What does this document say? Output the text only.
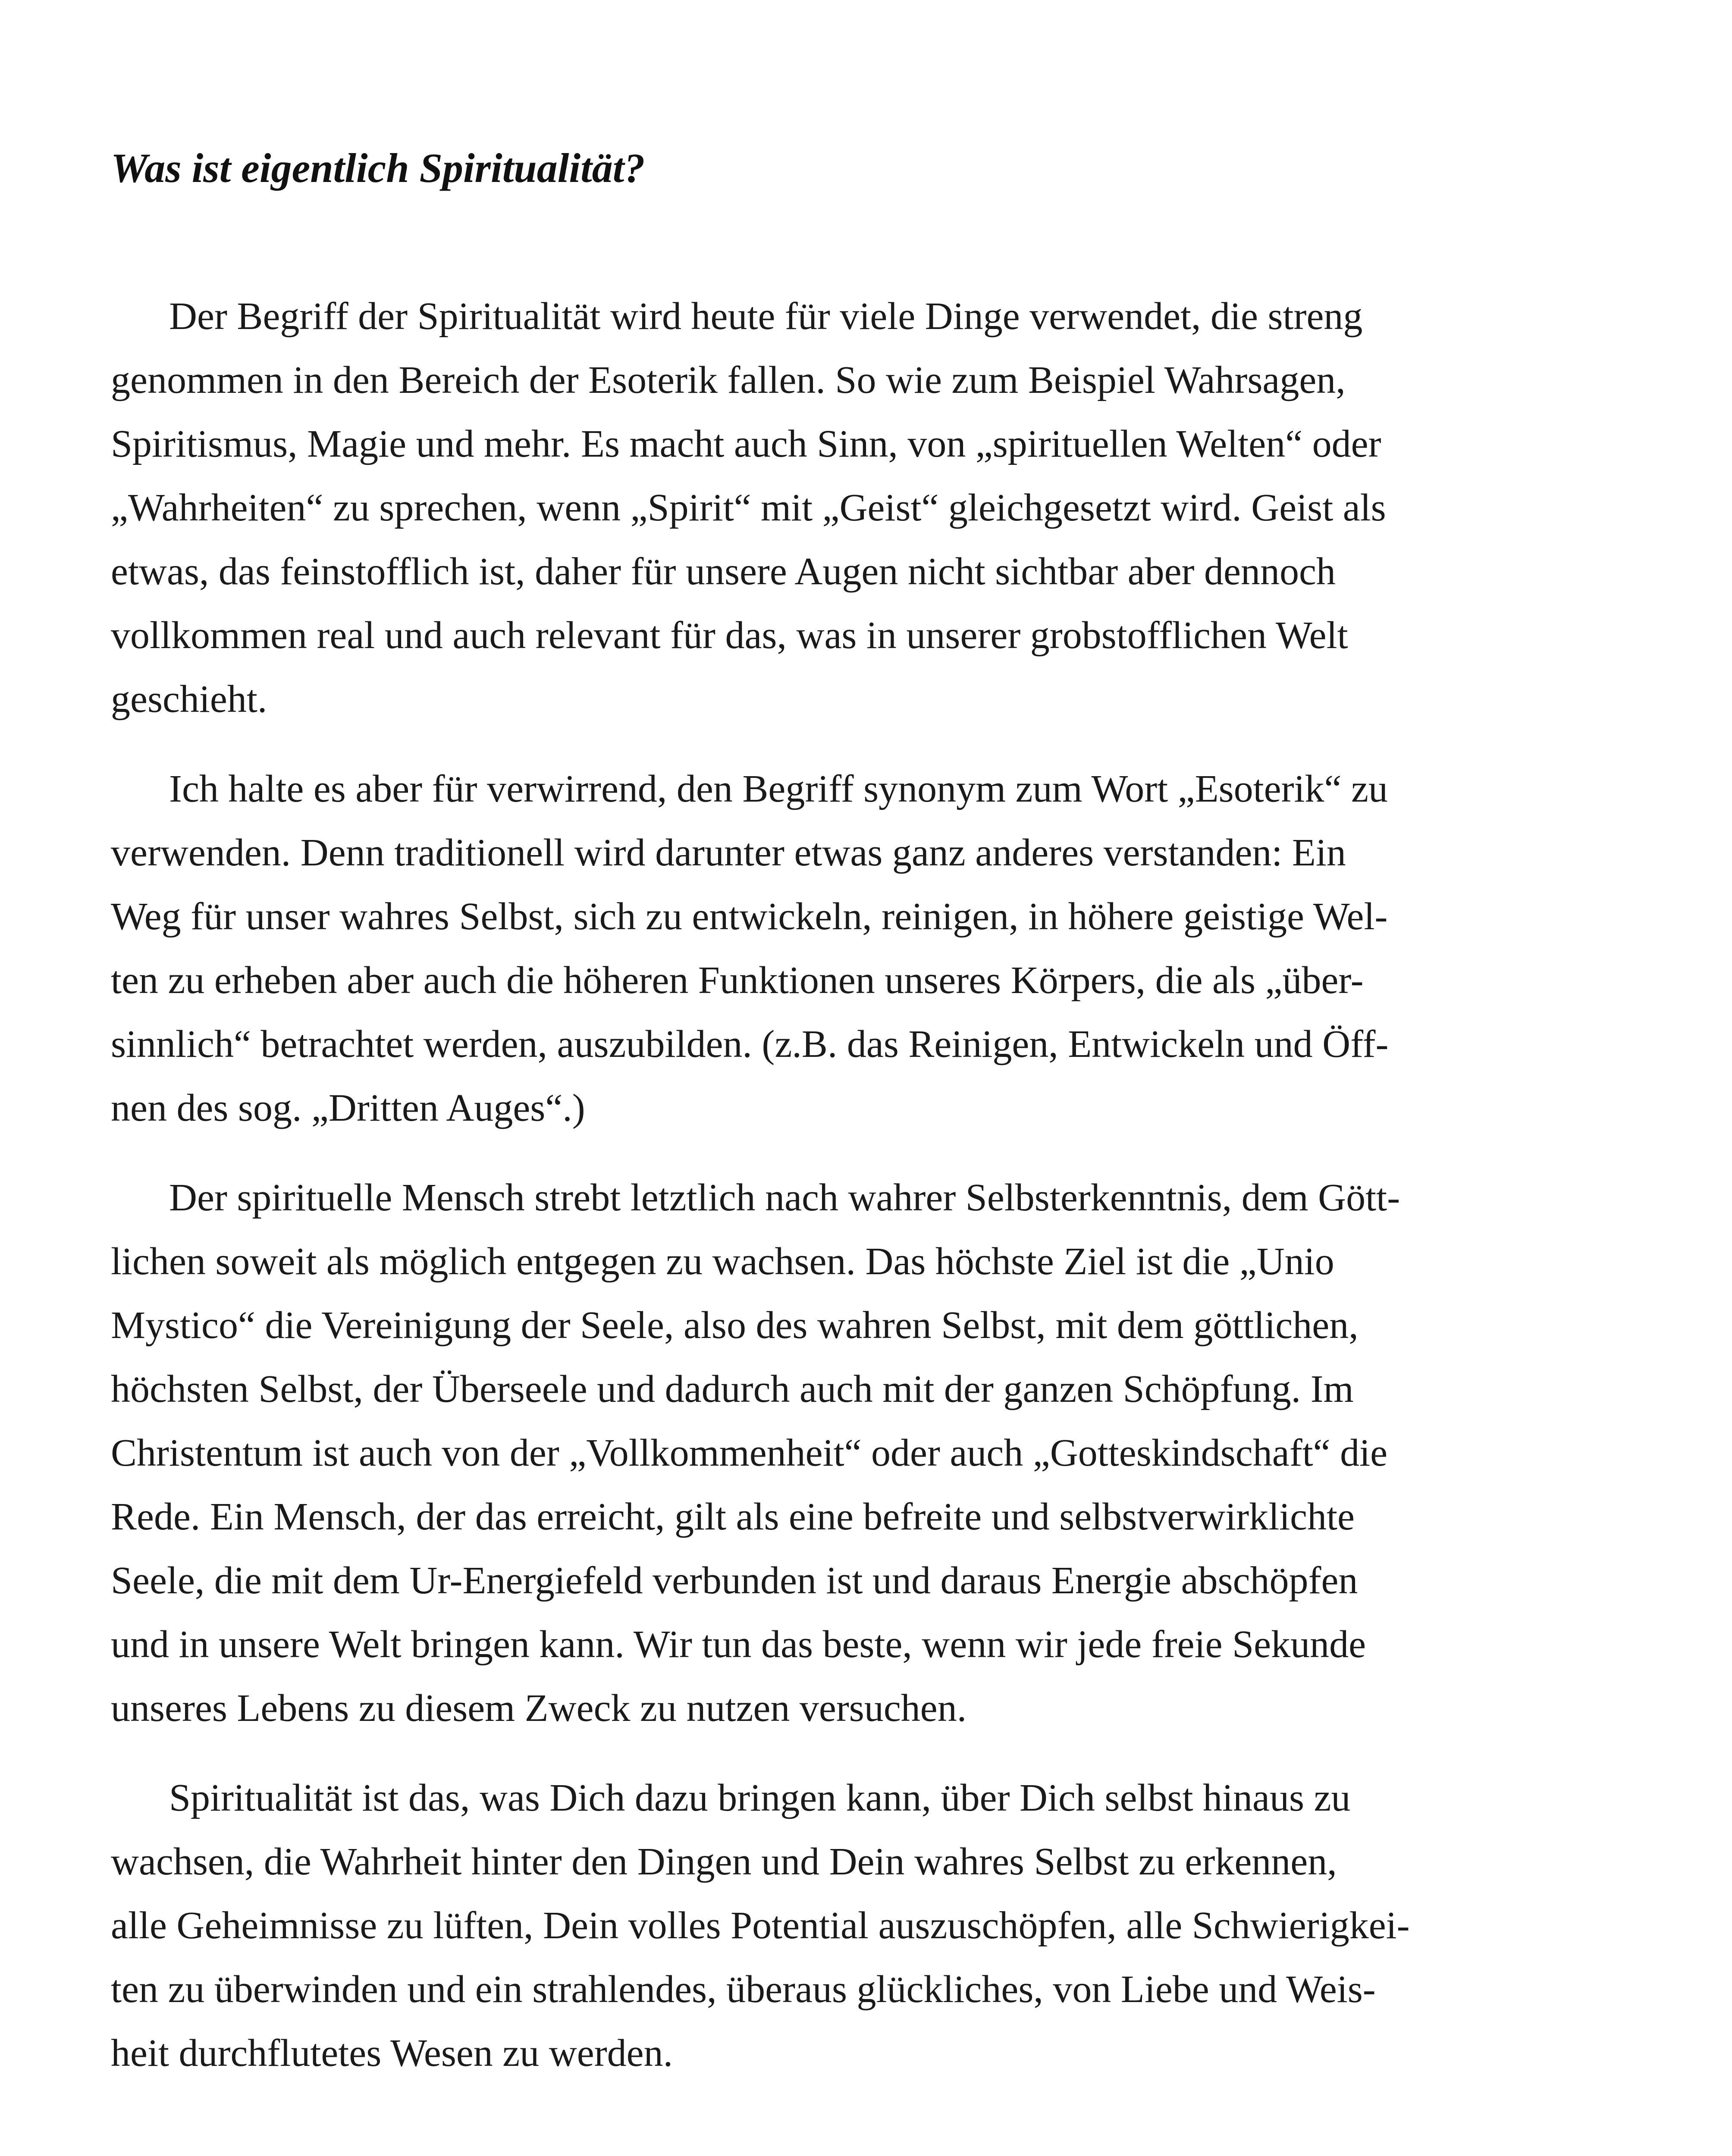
Was ist eigentlich Spiritualität?

Der Begriff der Spiritualität wird heute für viele Dinge verwendet, die streng
genommen in den Bereich der Esoterik fallen. So wie zum Beispiel Wahrsagen,
Spiritismus, Magie und mehr. Es macht auch Sinn, von „spirituellen Welten“ oder
„Wahrheiten“ zu sprechen, wenn „Spirit“ mit „Geist“ gleichgesetzt wird. Geist als
etwas, das feinstofflich ist, daher für unsere Augen nicht sichtbar aber dennoch
vollkommen real und auch relevant für das, was in unserer grobstofflichen Welt
geschieht.

Ich halte es aber für verwirrend, den Begriff synonym zum Wort „Esoterik“ zu
verwenden. Denn traditionell wird darunter etwas ganz anderes verstanden: Ein
Weg für unser wahres Selbst, sich zu entwickeln, reinigen, in höhere geistige Wel-
ten zu erheben aber auch die höheren Funktionen unseres Körpers, die als „über-
sinnlich“ betrachtet werden, auszubilden. (z.B. das Reinigen, Entwickeln und Öff-
nen des sog. „Dritten Auges“.)

Der spirituelle Mensch strebt letztlich nach wahrer Selbsterkenntnis, dem Gött-
lichen soweit als möglich entgegen zu wachsen. Das höchste Ziel ist die „Unio
Mystico“ die Vereinigung der Seele, also des wahren Selbst, mit dem göttlichen,
höchsten Selbst, der Überseele und dadurch auch mit der ganzen Schöpfung. Im
Christentum ist auch von der „Vollkommenheit“ oder auch „Gotteskindschaft“ die
Rede. Ein Mensch, der das erreicht, gilt als eine befreite und selbstverwirklichte
Seele, die mit dem Ur-Energiefeld verbunden ist und daraus Energie abschöpfen
und in unsere Welt bringen kann. Wir tun das beste, wenn wir jede freie Sekunde
unseres Lebens zu diesem Zweck zu nutzen versuchen.

Spiritualität ist das, was Dich dazu bringen kann, über Dich selbst hinaus zu
wachsen, die Wahrheit hinter den Dingen und Dein wahres Selbst zu erkennen,
alle Geheimnisse zu lüften, Dein volles Potential auszuschöpfen, alle Schwierigkei-
ten zu überwinden und ein strahlendes, überaus glückliches, von Liebe und Weis-
heit durchflutetes Wesen zu werden.
